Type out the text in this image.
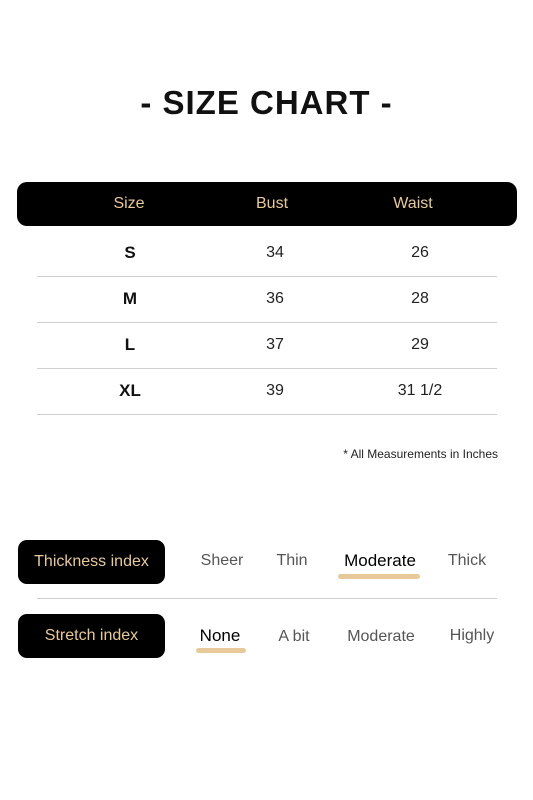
- SIZE CHART -
Size	Bust	Waist
S	34	26
M	36	28
L	37	29
XL	39	31 1/2
* All Measurements in Inches
Thickness index	Sheer Thin Moderate Thick
Stretch index	None A bit Moderate Highly
